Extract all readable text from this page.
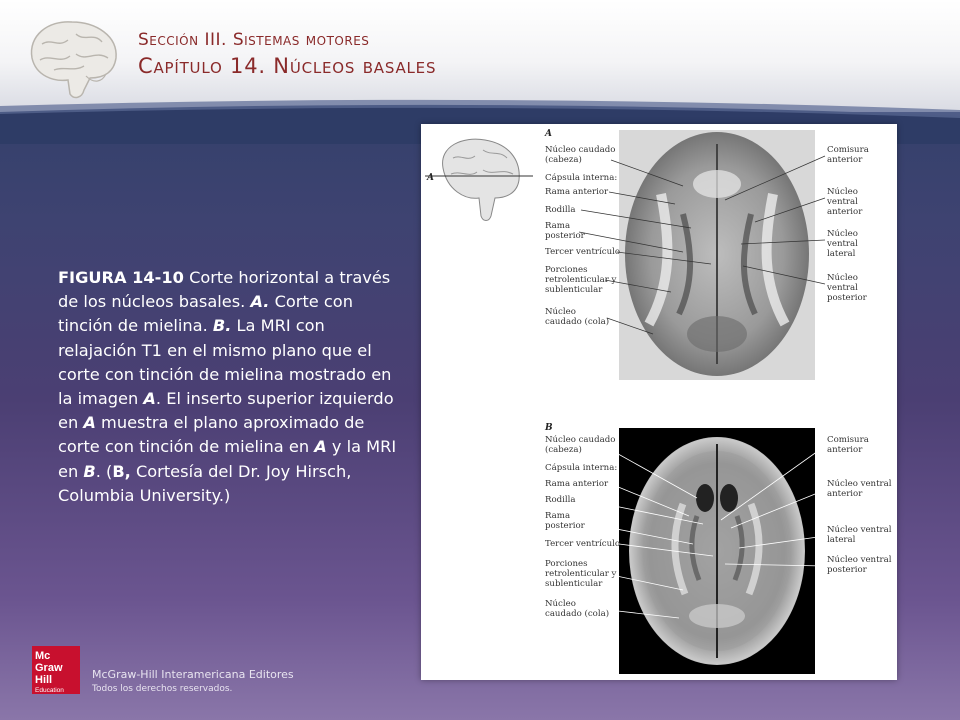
Sección III. Sistemas motores
Capítulo 14. Núcleos basales
FIGURA 14-10 Corte horizontal a través de los núcleos basales. A. Corte con tinción de mielina. B. La MRI con relajación T1 en el mismo plano que el corte con tinción de mielina mostrado en la imagen A. El inserto superior izquierdo en A muestra el plano aproximado de corte con tinción de mielina en A y la MRI en B. (B, Cortesía del Dr. Joy Hirsch, Columbia University.)
A
A
Núcleo caudado
(cabeza)
Cápsula interna:
Rama anterior
Rodilla
Rama
posterior
Tercer ventrículo
Porciones
retrolenticular y
sublenticular
Núcleo
caudado (cola)
Comisura
anterior
Núcleo
ventral
anterior
Núcleo
ventral
lateral
Núcleo
ventral
posterior
B
Núcleo caudado
(cabeza)
Cápsula interna:
Rama anterior
Rodilla
Rama
posterior
Tercer ventrículo
Porciones
retrolenticular y
sublenticular
Núcleo
caudado (cola)
Comisura
anterior
Núcleo ventral
anterior
Núcleo ventral
lateral
Núcleo ventral
posterior
Mc
Graw
Hill
Education
McGraw-Hill Interamericana Editores
Todos los derechos reservados.
